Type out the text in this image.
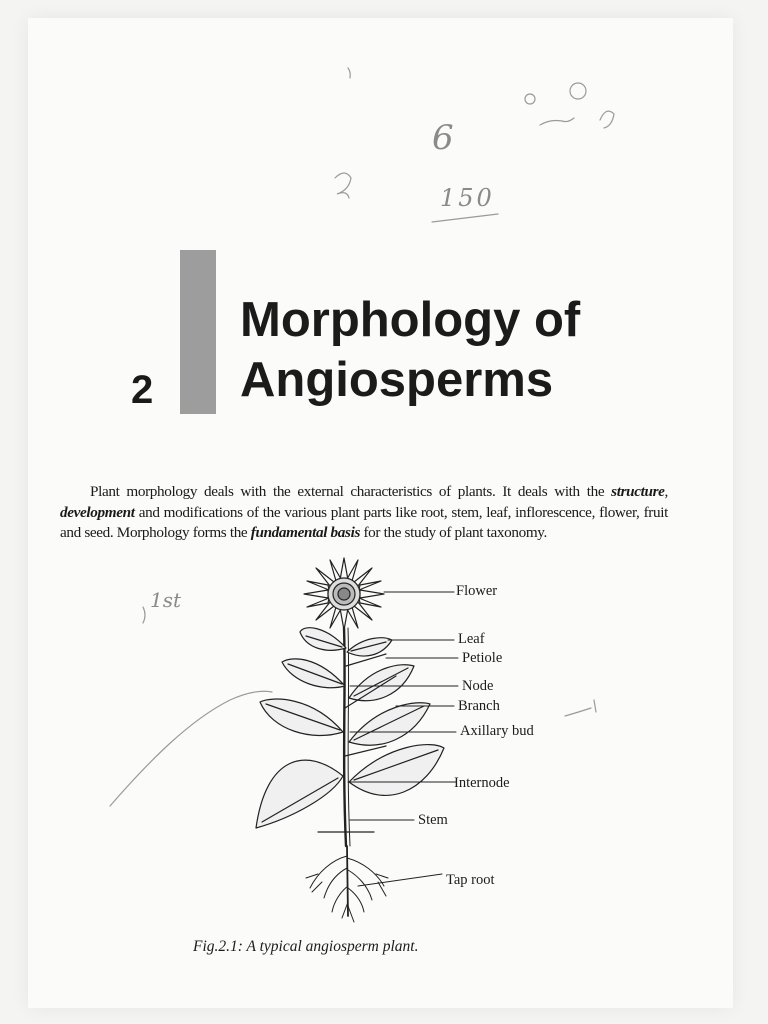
6
150
1st
2
Morphology of
Angiosperms

Plant morphology deals with the external characteristics of plants. It deals with the structure, development and modifications of the various plant parts like root, stem, leaf, inflorescence, flower, fruit and seed. Morphology forms the fundamental basis for the study of plant taxonomy.

Flower
Leaf
Petiole
Node
Branch
Axillary bud
Internode
Stem
Tap root
Fig.2.1: A typical angiosperm plant.
